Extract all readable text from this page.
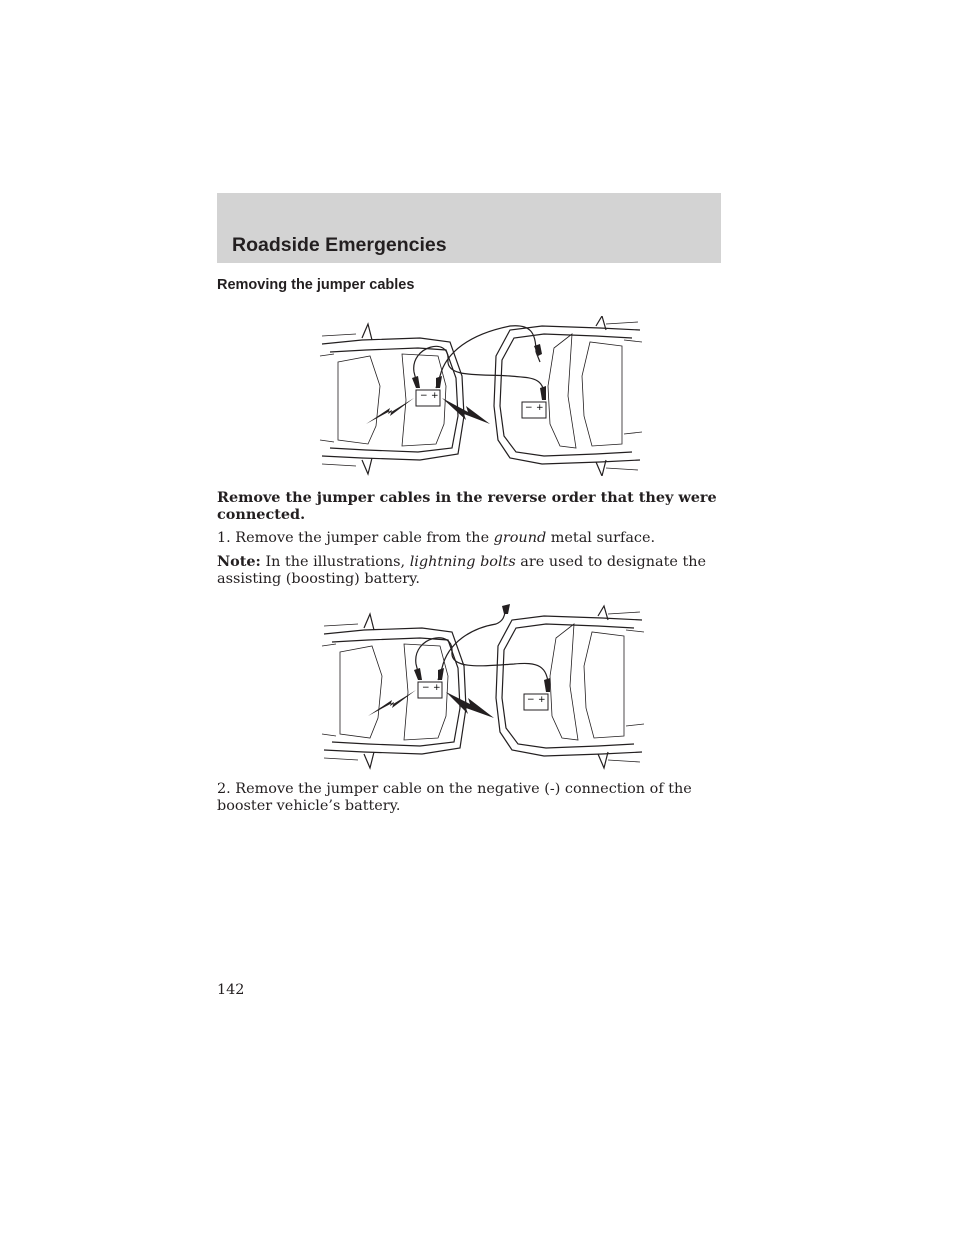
Roadside Emergencies
Removing the jumper cables
− +
− +

Remove the jumper cables in the reverse order that they were connected.

1. Remove the jumper cable from the ground metal surface.

Note: In the illustrations, lightning bolts are used to designate the assisting (boosting) battery.

− +
− +

2. Remove the jumper cable on the negative (-) connection of the booster vehicle’s battery.

142
